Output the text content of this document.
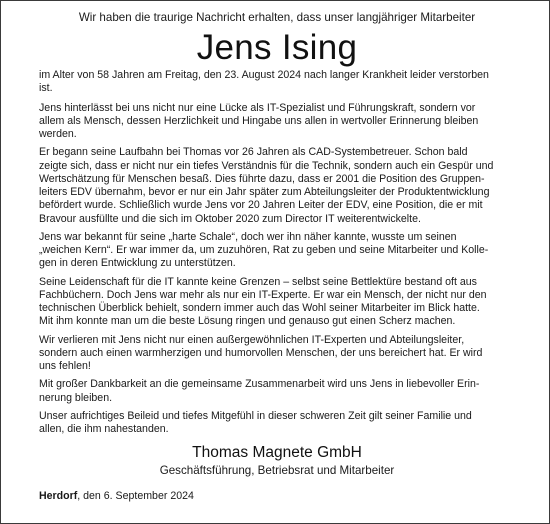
Wir haben die traurige Nachricht erhalten, dass unser langjähriger Mitarbeiter

Jens Ising

im Alter von 58 Jahren am Freitag, den 23. August 2024 nach langer Krankheit leider verstorben
ist.

Jens hinterlässt bei uns nicht nur eine Lücke als IT-Spezialist und Führungskraft, sondern vor
allem als Mensch, dessen Herzlichkeit und Hingabe uns allen in wertvoller Erinnerung bleiben
werden.

Er begann seine Laufbahn bei Thomas vor 26 Jahren als CAD-Systembetreuer. Schon bald
zeigte sich, dass er nicht nur ein tiefes Verständnis für die Technik, sondern auch ein Gespür und
Wertschätzung für Menschen besaß. Dies führte dazu, dass er 2001 die Position des Gruppen-
leiters EDV übernahm, bevor er nur ein Jahr später zum Abteilungsleiter der Produktentwicklung
befördert wurde. Schließlich wurde Jens vor 20 Jahren Leiter der EDV, eine Position, die er mit
Bravour ausfüllte und die sich im Oktober 2020 zum Director IT weiterentwickelte.

Jens war bekannt für seine „harte Schale“, doch wer ihn näher kannte, wusste um seinen
„weichen Kern“. Er war immer da, um zuzuhören, Rat zu geben und seine Mitarbeiter und Kolle-
gen in deren Entwicklung zu unterstützen.

Seine Leidenschaft für die IT kannte keine Grenzen – selbst seine Bettlektüre bestand oft aus
Fachbüchern. Doch Jens war mehr als nur ein IT-Experte. Er war ein Mensch, der nicht nur den
technischen Überblick behielt, sondern immer auch das Wohl seiner Mitarbeiter im Blick hatte.
Mit ihm konnte man um die beste Lösung ringen und genauso gut einen Scherz machen.

Wir verlieren mit Jens nicht nur einen außergewöhnlichen IT-Experten und Abteilungsleiter,
sondern auch einen warmherzigen und humorvollen Menschen, der uns bereichert hat. Er wird
uns fehlen!

Mit großer Dankbarkeit an die gemeinsame Zusammenarbeit wird uns Jens in liebevoller Erin-
nerung bleiben.

Unser aufrichtiges Beileid und tiefes Mitgefühl in dieser schweren Zeit gilt seiner Familie und
allen, die ihm nahestanden.

Thomas Magnete GmbH
Geschäftsführung, Betriebsrat und Mitarbeiter
Herdorf, den 6. September 2024
